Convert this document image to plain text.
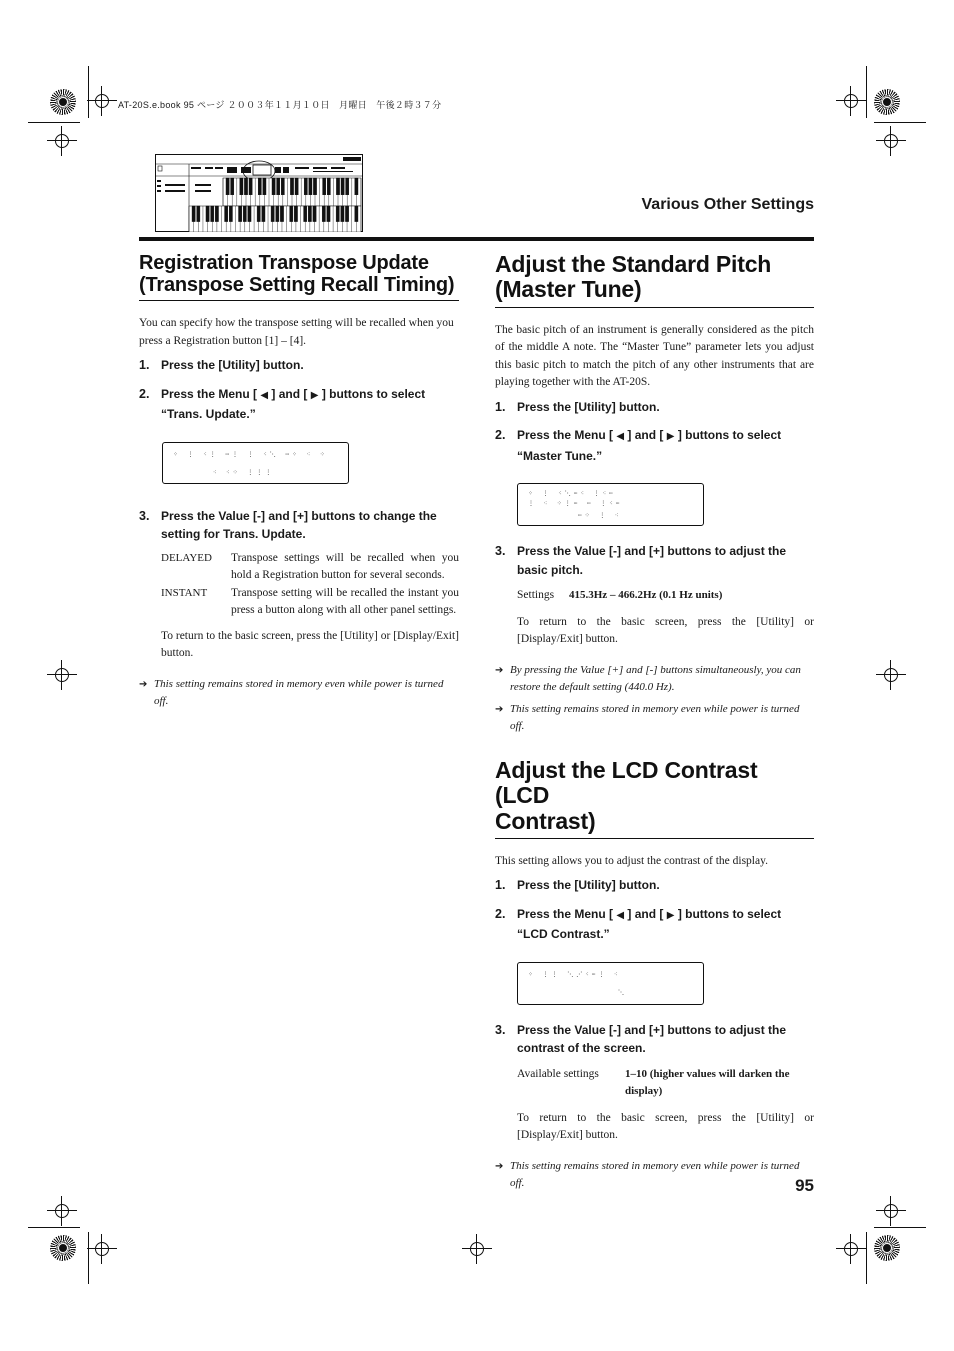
AT-20S.e.book 95 ページ ２００３年１１月１０日　月曜日　午後２時３７分
Various Other Settings
Registration Transpose Update
(Transpose Setting Recall Timing)

You can specify how the transpose setting will be recalled when you press a Registration button [1] – [4].

1. Press the [Utility] button.
2. Press the Menu [ ◀ ] and [ ▶ ] buttons to select “Trans. Update.”
⁘ ⋮ ⁖⋮ ⋯⋮ ⋮ ⁖⋱ ⋯⁘ ⁖ ⁘
⁖ ⁖⁘ ⋮⋮⋮
3. Press the Value [-] and [+] buttons to change the setting for Trans. Update.
DELAYED	Transpose settings will be recalled when you hold a Registration button for several seconds.
INSTANT	Transpose setting will be recalled the instant you press a button along with all other panel settings.

To return to the basic screen, press the [Utility] or [Display/Exit] button.

➔ This setting remains stored in memory even while power is turned off.
Adjust the Standard Pitch
(Master Tune)

The basic pitch of an instrument is generally considered as the pitch of the middle A note. The “Master Tune” parameter lets you adjust this basic pitch to match the pitch of any other instruments that are playing together with the AT-20S.

1. Press the [Utility] button.
2. Press the Menu [ ◀ ] and [ ▶ ] buttons to select “Master Tune.”
⁘ ⋮ ⁖⋱⋯⁖ ⋮⁖⋯
⋮ ⁖ ⁘⋮⋯ ⋯ ⋮⁖⋯
⋯⁘ ⋮ ⁖
3. Press the Value [-] and [+] buttons to adjust the basic pitch.
Settings	415.3Hz – 466.2Hz (0.1 Hz units)

To return to the basic screen, press the [Utility] or [Display/Exit] button.

➔ By pressing the Value [+] and [-] buttons simultaneously, you can restore the default setting (440.0 Hz).
➔ This setting remains stored in memory even while power is turned off.
Adjust the LCD Contrast (LCD
Contrast)

This setting allows you to adjust the contrast of the display.

1. Press the [Utility] button.
2. Press the Menu [ ◀ ] and [ ▶ ] buttons to select “LCD Contrast.”
⁘ ⋮⋮ ⋱⋰⁖⋯⋮ ⁖
⋱
3. Press the Value [-] and [+] buttons to adjust the contrast of the screen.
Available settings	1–10 (higher values will darken the display)

To return to the basic screen, press the [Utility] or [Display/Exit] button.

➔ This setting remains stored in memory even while power is turned off.	95
